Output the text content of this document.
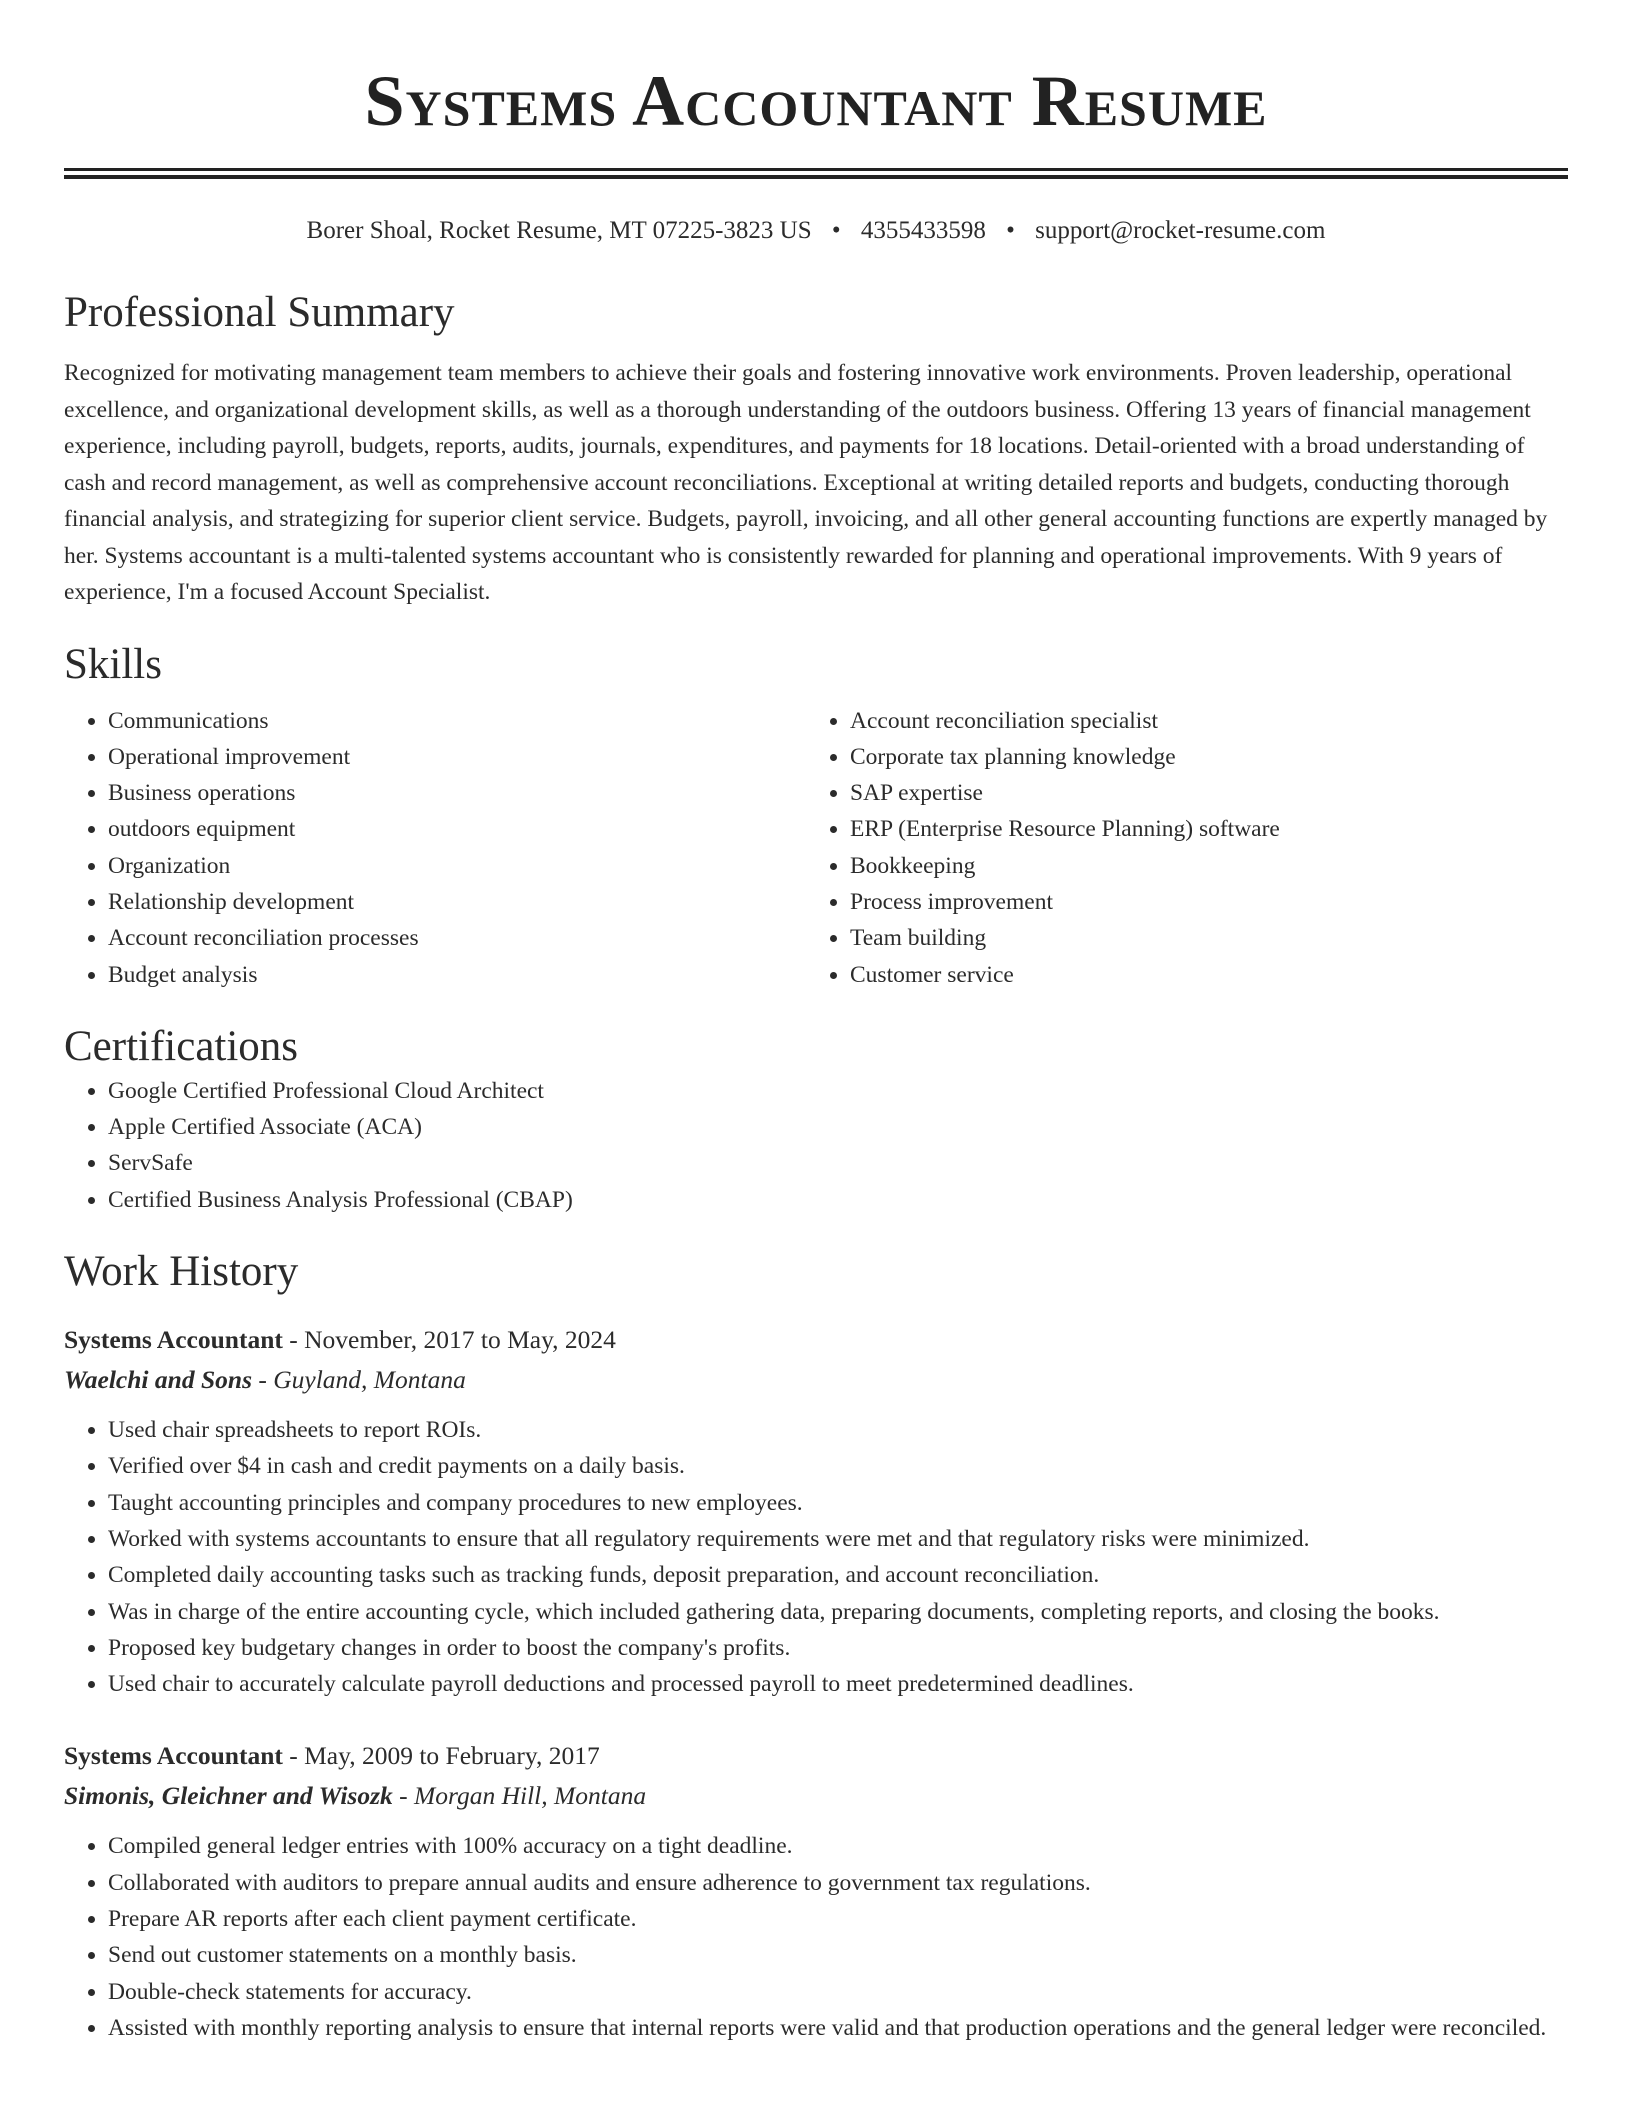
Systems Accountant Resume
Borer Shoal, Rocket Resume, MT 07225-3823 US • 4355433598 • support@rocket-resume.com
Professional Summary

Recognized for motivating management team members to achieve their goals and fostering innovative work environments. Proven leadership, operational excellence, and organizational development skills, as well as a thorough understanding of the outdoors business. Offering 13 years of financial management experience, including payroll, budgets, reports, audits, journals, expenditures, and payments for 18 locations. Detail-oriented with a broad understanding of cash and record management, as well as comprehensive account reconciliations. Exceptional at writing detailed reports and budgets, conducting thorough financial analysis, and strategizing for superior client service. Budgets, payroll, invoicing, and all other general accounting functions are expertly managed by her. Systems accountant is a multi-talented systems accountant who is consistently rewarded for planning and operational improvements. With 9 years of experience, I'm a focused Account Specialist.

Skills
• Communications
• Operational improvement
• Business operations
• outdoors equipment
• Organization
• Relationship development
• Account reconciliation processes
• Budget analysis
• Account reconciliation specialist
• Corporate tax planning knowledge
• SAP expertise
• ERP (Enterprise Resource Planning) software
• Bookkeeping
• Process improvement
• Team building
• Customer service
Certifications
• Google Certified Professional Cloud Architect
• Apple Certified Associate (ACA)
• ServSafe
• Certified Business Analysis Professional (CBAP)
Work History
Systems Accountant - November, 2017 to May, 2024
Waelchi and Sons - Guyland, Montana
• Used chair spreadsheets to report ROIs.
• Verified over $4 in cash and credit payments on a daily basis.
• Taught accounting principles and company procedures to new employees.
• Worked with systems accountants to ensure that all regulatory requirements were met and that regulatory risks were minimized.
• Completed daily accounting tasks such as tracking funds, deposit preparation, and account reconciliation.
• Was in charge of the entire accounting cycle, which included gathering data, preparing documents, completing reports, and closing the books.
• Proposed key budgetary changes in order to boost the company's profits.
• Used chair to accurately calculate payroll deductions and processed payroll to meet predetermined deadlines.
Systems Accountant - May, 2009 to February, 2017
Simonis, Gleichner and Wisozk - Morgan Hill, Montana
• Compiled general ledger entries with 100% accuracy on a tight deadline.
• Collaborated with auditors to prepare annual audits and ensure adherence to government tax regulations.
• Prepare AR reports after each client payment certificate.
• Send out customer statements on a monthly basis.
• Double-check statements for accuracy.
• Assisted with monthly reporting analysis to ensure that internal reports were valid and that production operations and the general ledger were reconciled.
